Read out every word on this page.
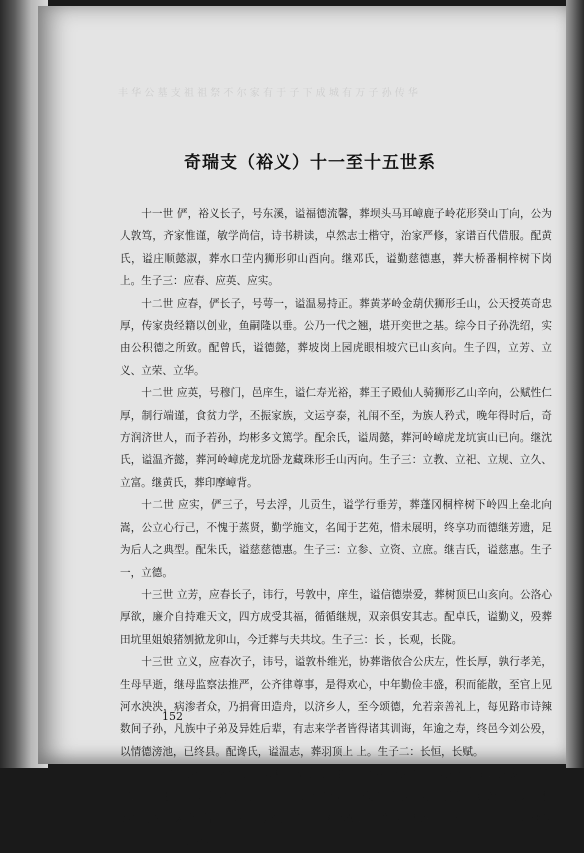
丰 华 公 墓 支 祖 祖 祭 不 尔 家 有 于 子 下 成 城 有 万 子 孙 传 华
奇瑞支（裕义）十一至十五世系

十一世 俨，裕义长子，号东溪，谥福德流馨，葬坝头马耳嶂鹿子岭花形癸山丁向，公为人敦笃，齐家惟谨，敏学尚信，诗书耕读，卓然志士楷守，治家严修，家谱百代借服。配黄氏，谥庄顺懿淑，葬水口茔内狮形卯山酉向。继邓氏，谥勤慈德惠，葬大桥番桐梓树下岗上。生子三：应春、应英、应实。

十二世 应春，俨长子，号萼一，谥温易持正。葬黄茅岭金葫伏狮形壬山，公天授英奇忠厚，传家贵经籍以创业，鱼嗣隆以垂。公乃一代之翘，堪开奕世之基。综今日子孙洗绍，实由公积德之所致。配曾氏，谥德懿，葬坡岗上园虎眼相坡穴已山亥向。生子四，立芳、立义、立荣、立华。

十二世 应英，号穆门，邑庠生，谥仁寿光裕，葬王子殿仙人骑狮形乙山辛向，公赋性仁厚，制行端谨，食贫力学，丕振家族，文运亨泰，礼闱不至，为族人矜式，晚年得时后，奇方润济世人，而予若孙，均彬多文篤学。配余氏，谥周懿，葬河岭嶂虎龙坑寅山已向。继沈氏，谥温齐懿，葬河岭嶂虎龙坑卧龙藏珠形壬山丙向。生子三：立教、立祀、立规、立久、立富。继黄氏，葬印摩嶂背。

十二世 应实，俨三子，号去浮，儿贡生，谥学行垂芳，葬蓬冈桐梓树下岭四上垒北向嵩，公立心行己，不愧于蒸贤，勤学施文，名闻于艺苑，惜未展明，终享功而德继芳遗，足为后人之典型。配朱氏，谥慈慈德惠。生子三：立参、立资、立庶。继吉氏，谥慈惠。生子一，立德。

十三世 立芳，应春长子，讳行，号敦中，庠生，谥信德崇爱，葬树顶巳山亥向。公洛心厚欲，廉介自持难天文，四方成受其福，循循继规，双亲俱安其志。配卓氏，谥勤义，殁葬田坑里姐娘猪刎掀龙卯山，今迁葬与夫共坟。生子三：长 ，长观，长陇。

十三世 立义，应春次子，讳号，谥敦朴维光，协葬谐依合公庆左，性长厚，孰行孝羌，生母早逝，继母监察法推严，公齐律尊事，是得欢心，中年勤俭丰盛，积而能散，至官上见河水泱泱，病渗者众，乃捐膏田造舟，以济乡人，至今颂德，允若亲善礼上，每见路市诗辣数间子孙，凡族中子弟及异姓后辈，有志来学者皆得诸其训诲，年逾之寿，终邑今刘公殁，以情德滂池，已终县。配谗氏，谥温志，葬羽顶上 上。生子二：长恒，长赋。

十三世 立荣，应春三子，讳稆，谥朗劲直毅，葬铁福坟右岸，公天性孝友，为乡里所饮式，兄弟析产，让旧宅而不居，与长兄营室岭西，著家训以教子孙，尤乐善好施，时因石源路阻河流，公力所辞之，行者便便，至今道路照领，见俗志。配朱氏，生子一：长存。继马氏，生子一：长存。

152
